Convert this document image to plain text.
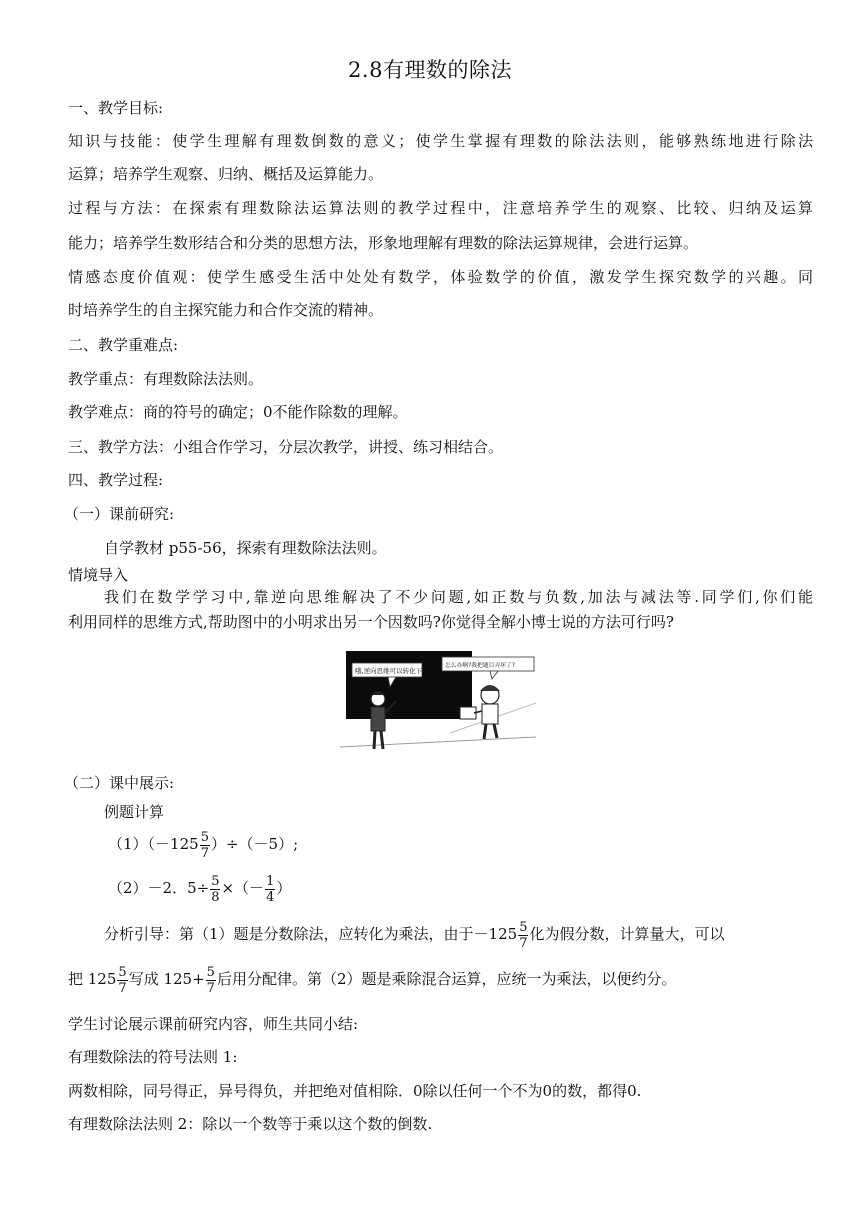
2.8有理数的除法
一、教学目标:
知识与技能：使学生理解有理数倒数的意义；使学生掌握有理数的除法法则，能够熟练地进行除法
运算；培养学生观察、归纳、概括及运算能力。
过程与方法：在探索有理数除法运算法则的教学过程中，注意培养学生的观察、比较、归纳及运算
能力；培养学生数形结合和分类的思想方法，形象地理解有理数的除法运算规律，会进行运算。
情感态度价值观：使学生感受生活中处处有数学，体验数学的价值，激发学生探究数学的兴趣。同
时培养学生的自主探究能力和合作交流的精神。
二、教学重难点:
教学重点：有理数除法法则。
教学难点：商的符号的确定；0不能作除数的理解。
三、教学方法：小组合作学习，分层次教学，讲授、练习相结合。
四、教学过程:
（一）课前研究:
自学教材 p55-56，探索有理数除法法则。
情境导入
我们在数学学习中,靠逆向思维解决了不少问题,如正数与负数,加法与减法等.同学们,你们能
利用同样的思维方式,帮助图中的小明求出另一个因数吗?你觉得全解小博士说的方法可行吗?
哦,逆向思维可以转化下
怎么办啊?我把题目弄坏了?
（二）课中展示:
例题计算
$(1)(-125 \frac{5}{7} )\div(-5)$;
（2）－2．$5\div \frac{5}{8}$ ×（－ $\frac{1}{4}$ ）
分析引导：第（1）题是分数除法，应转化为乘法，由于$-125 \frac{5}{7}$ 化为假分数，计算量大，可以
把 $125 \frac{5}{7}$ 写成 $125+ \frac{5}{7}$ 后用分配律。第（2）题是乘除混合运算，应统一为乘法，以便约分。
学生讨论展示课前研究内容，师生共同小结:
有理数除法的符号法则 1:
两数相除，同号得正，异号得负，并把绝对值相除．0除以任何一个不为0的数，都得0.
有理数除法法则 2：除以一个数等于乘以这个数的倒数.
